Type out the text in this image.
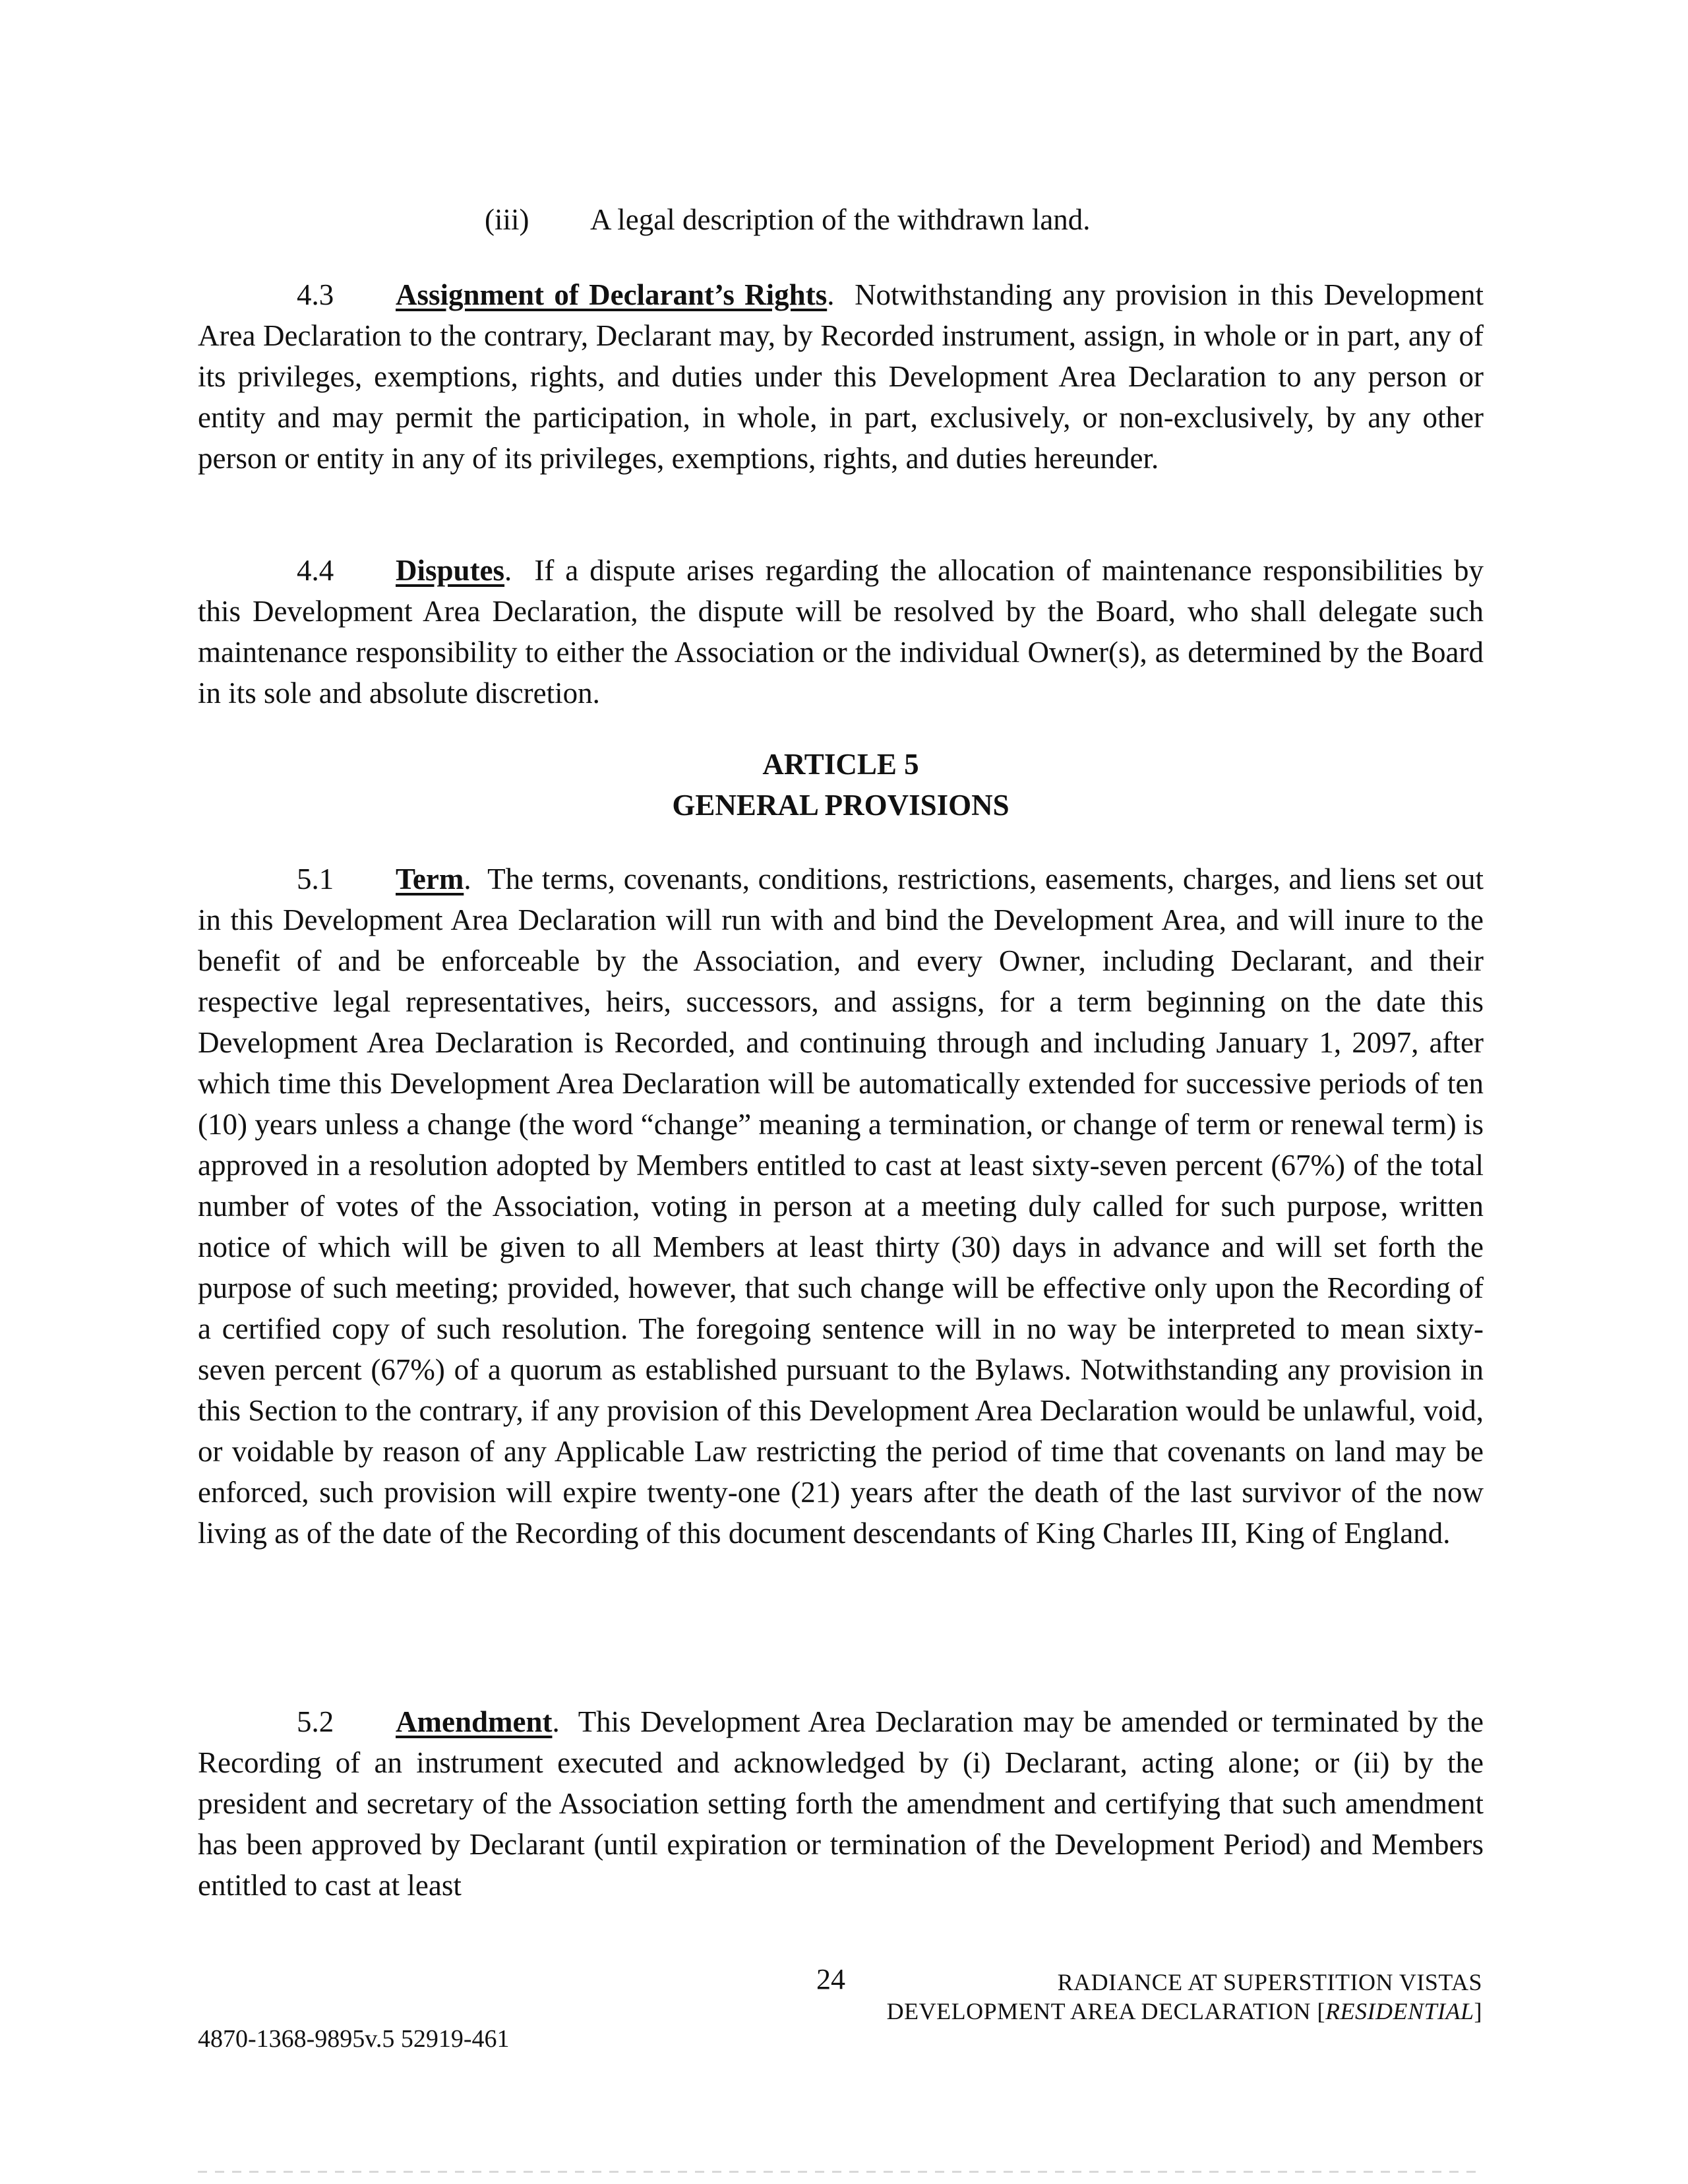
(iii) A legal description of the withdrawn land.
4.3 Assignment of Declarant’s Rights.  Notwithstanding any provision in this Development Area Declaration to the contrary, Declarant may, by Recorded instrument, assign, in whole or in part, any of its privileges, exemptions, rights, and duties under this Development Area Declaration to any person or entity and may permit the participation, in whole, in part, exclusively, or non-exclusively, by any other person or entity in any of its privileges, exemptions, rights, and duties hereunder.
4.4 Disputes.  If a dispute arises regarding the allocation of maintenance responsibilities by this Development Area Declaration, the dispute will be resolved by the Board, who shall delegate such maintenance responsibility to either the Association or the individual Owner(s), as determined by the Board in its sole and absolute discretion.
ARTICLE 5
GENERAL PROVISIONS
5.1 Term.  The terms, covenants, conditions, restrictions, easements, charges, and liens set out in this Development Area Declaration will run with and bind the Development Area, and will inure to the benefit of and be enforceable by the Association, and every Owner, including Declarant, and their respective legal representatives, heirs, successors, and assigns, for a term beginning on the date this Development Area Declaration is Recorded, and continuing through and including January 1, 2097, after which time this Development Area Declaration will be automatically extended for successive periods of ten (10) years unless a change (the word “change” meaning a termination, or change of term or renewal term) is approved in a resolution adopted by Members entitled to cast at least sixty-seven percent (67%) of the total number of votes of the Association, voting in person at a meeting duly called for such purpose, written notice of which will be given to all Members at least thirty (30) days in advance and will set forth the purpose of such meeting; provided, however, that such change will be effective only upon the Recording of a certified copy of such resolution. The foregoing sentence will in no way be interpreted to mean sixty-seven percent (67%) of a quorum as established pursuant to the Bylaws. Notwithstanding any provision in this Section to the contrary, if any provision of this Development Area Declaration would be unlawful, void, or voidable by reason of any Applicable Law restricting the period of time that covenants on land may be enforced, such provision will expire twenty-one (21) years after the death of the last survivor of the now living as of the date of the Recording of this document descendants of King Charles III, King of England.
5.2 Amendment.  This Development Area Declaration may be amended or terminated by the Recording of an instrument executed and acknowledged by (i) Declarant, acting alone; or (ii) by the president and secretary of the Association setting forth the amendment and certifying that such amendment has been approved by Declarant (until expiration or termination of the Development Period) and Members entitled to cast at least
24	RADIANCE AT SUPERSTITION VISTAS
DEVELOPMENT AREA DECLARATION [RESIDENTIAL]
4870-1368-9895v.5 52919-461
